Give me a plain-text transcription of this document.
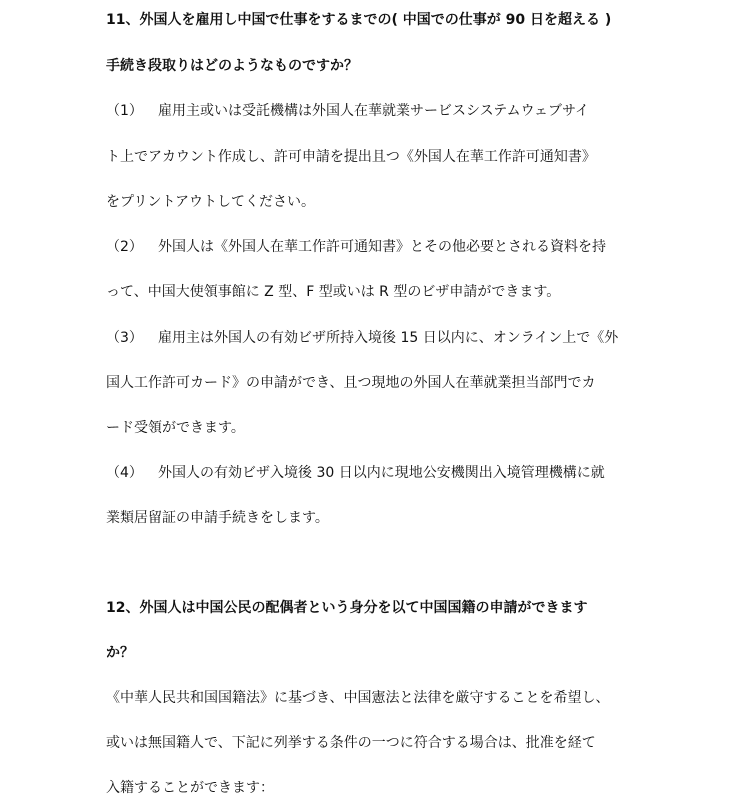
11、外国人を雇用し中国で仕事をするまでの( 中国での仕事が 90 日を超える )
手続き段取りはどのようなものですか？
（1） 雇用主或いは受託機構は外国人在華就業サービスシステムウェブサイ
ト上でアカウント作成し、許可申請を提出且つ《外国人在華工作許可通知書》
をプリントアウトしてください。
（2） 外国人は《外国人在華工作許可通知書》とその他必要とされる資料を持
って、中国大使領事館に Z 型、F 型或いは R 型のビザ申請ができます。
（3） 雇用主は外国人の有効ビザ所持入境後 15 日以内に、オンライン上で《外
国人工作許可カード》の申請ができ、且つ現地の外国人在華就業担当部門でカ
ード受領ができます。
（4） 外国人の有効ビザ入境後 30 日以内に現地公安機関出入境管理機構に就
業類居留証の申請手続きをします。
12、外国人は中国公民の配偶者という身分を以て中国国籍の申請ができます
か？
《中華人民共和国国籍法》に基づき、中国憲法と法律を厳守することを希望し、
或いは無国籍人で、下記に列挙する条件の一つに符合する場合は、批准を経て
入籍することができます：
